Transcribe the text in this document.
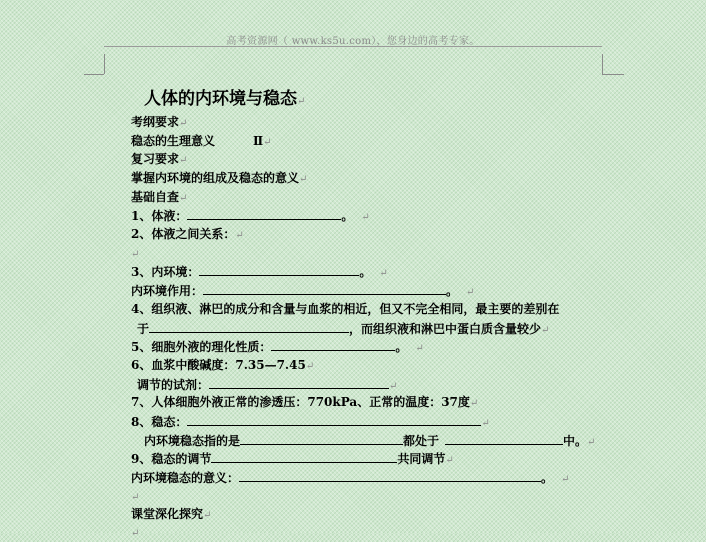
高考资源网（ www.ks5u.com），您身边的高考专家。
人体的内环境与稳态↵
考纲要求↵
稳态的生理意义	Ⅱ↵
复习要求↵
掌握内环境的组成及稳态的意义↵
基础自查↵
1、体液：	。 ↵
2、体液之间关系：↵
↵
3、内环境：	。 ↵
内环境作用：	。 ↵
4、组织液、淋巴的成分和含量与血浆的相近，但又不完全相同，最主要的差别在
于	，而组织液和淋巴中蛋白质含量较少↵
5、细胞外液的理化性质：	。 ↵
6、血浆中酸碱度：7.35—7.45↵
调节的试剂：	↵
7、人体细胞外液正常的渗透压：770kPa、正常的温度：37度↵
8、稳态：	↵
内环境稳态指的是	都处于	中。↵
9、稳态的调节	共同调节↵
内环境稳态的意义：	。 ↵
↵
课堂深化探究↵
↵
